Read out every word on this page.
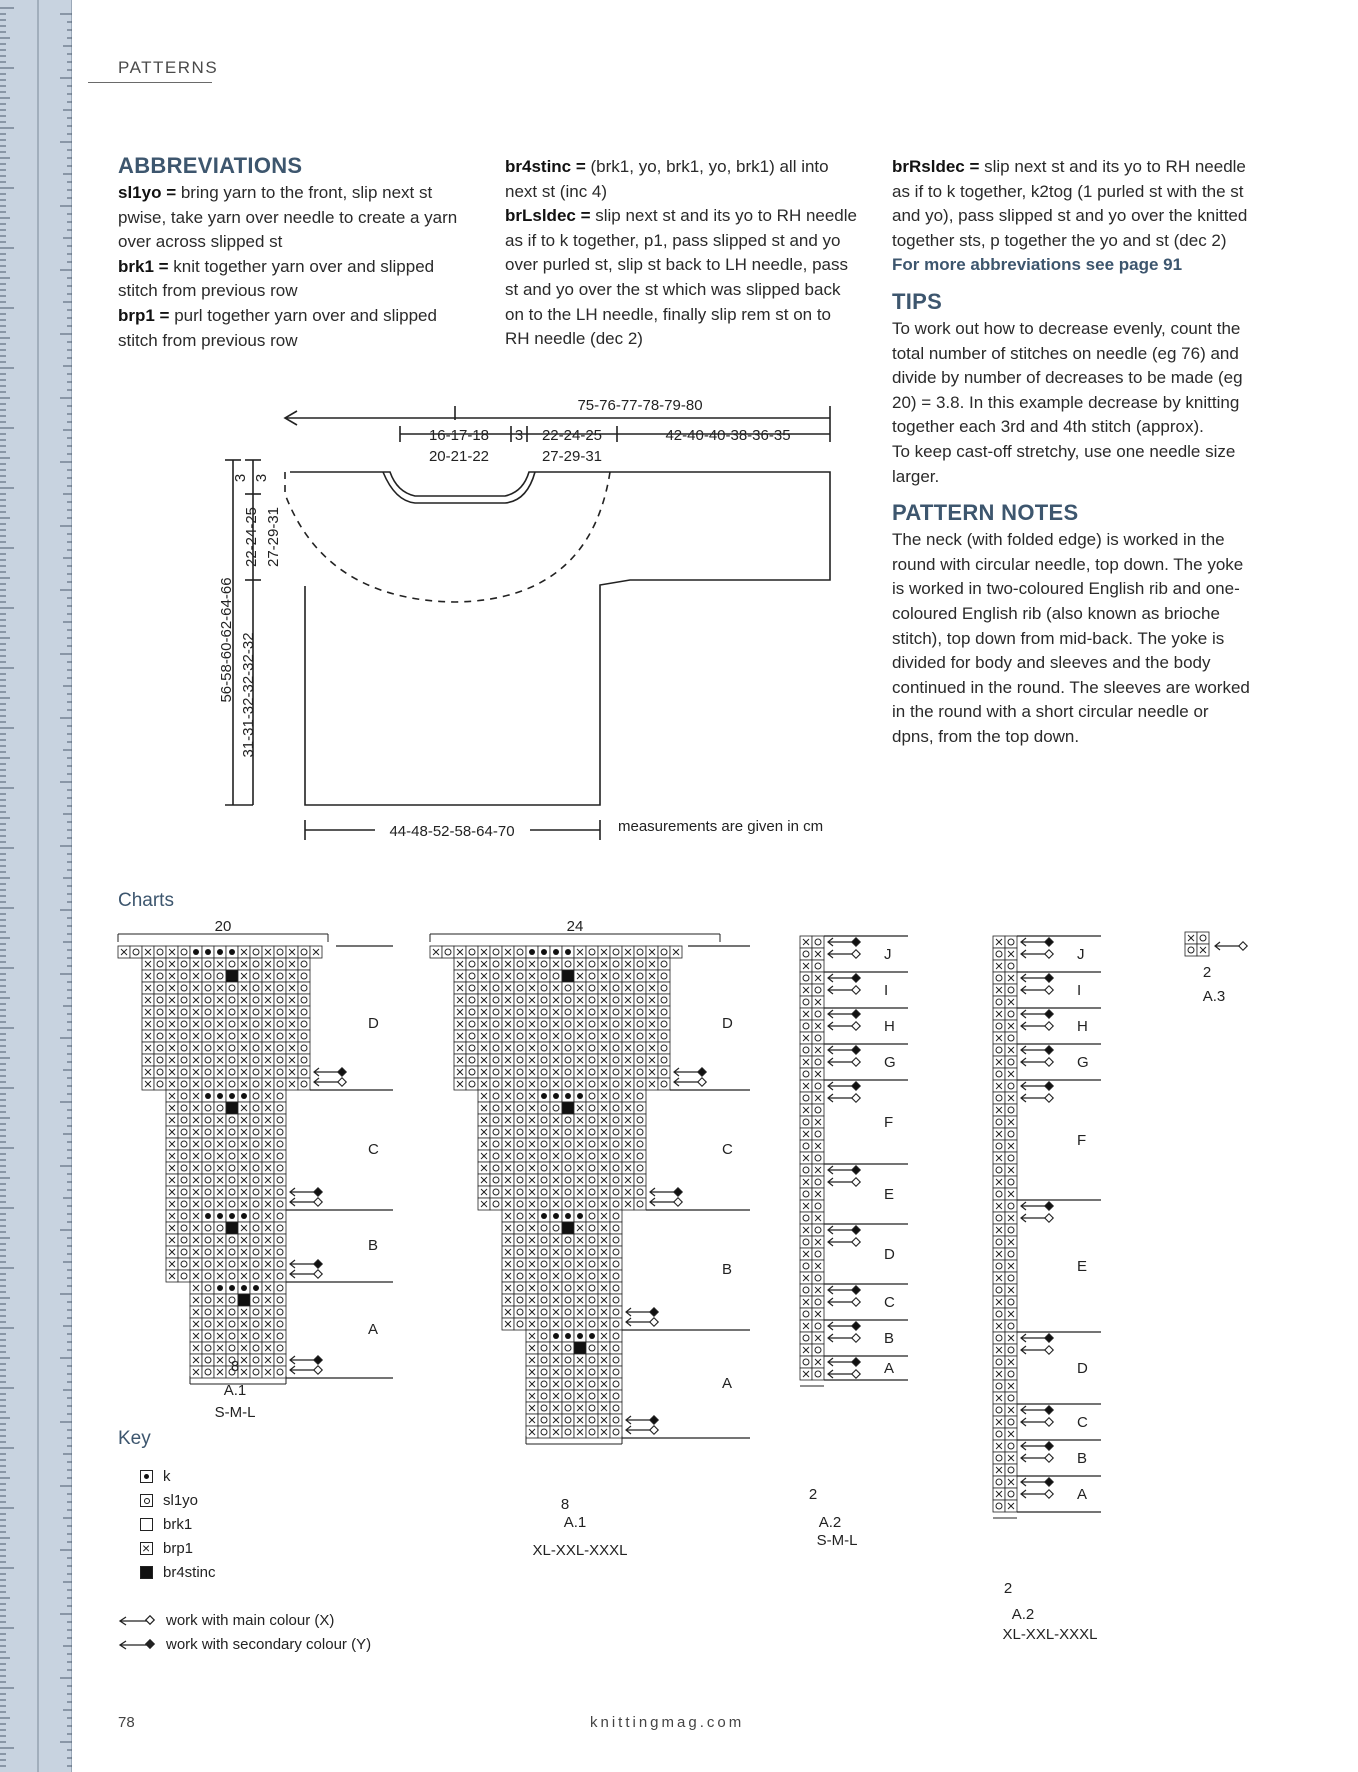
PATTERNS
ABBREVIATIONS
sl1yo = bring yarn to the front, slip next st pwise, take yarn over needle to create a yarn over across slipped st
brk1 = knit together yarn over and slipped stitch from previous row
brp1 = purl together yarn over and slipped stitch from previous row
br4stinc = (brk1, yo, brk1, yo, brk1) all into next st (inc 4)
brLsldec = slip next st and its yo to RH needle as if to k together, p1, pass slipped st and yo over purled st, slip st back to LH needle, pass st and yo over the st which was slipped back on to the LH needle, finally slip rem st on to RH needle (dec 2)
brRsldec = slip next st and its yo to RH needle as if to k together, k2tog (1 purled st with the st and yo), pass slipped st and yo over the knitted together sts, p together the yo and st (dec 2)
For more abbreviations see page 91
TIPS
To work out how to decrease evenly, count the total number of stitches on needle (eg 76) and divide by number of decreases to be made (eg 20) = 3.8. In this example decrease by knitting together each 3rd and 4th stitch (approx).
To keep cast-off stretchy, use one needle size larger.
PATTERN NOTES
The neck (with folded edge) is worked in the round with circular needle, top down. The yoke is worked in two-coloured English rib and one-coloured English rib (also known as brioche stitch), top down from mid-back. The yoke is divided for body and sleeves and the body continued in the round. The sleeves are worked in the round with a short circular needle or dpns, from the top down.
75-76-77-78-79-80
16-17-18
20-21-22
3 22-24-25
27-29-31
42-40-40-38-36-35
3 3
22-24-25 27-29-31
56-58-60-62-64-66 31-31-32-32-32-32
44-48-52-58-64-70	measurements are given in cm
Charts
20
D
C
B
A
8
A.1
S-M-L
24
D
C
B
A
8
A.1
XL-XXL-XXXL
J
I
H
G
F
E
D
C
B
A
2
A.2
S-M-L
J
I
H
G
F
E
D
C
B
A
2
A.2
XL-XXL-XXXL
2
A.3
Key
k
sl1yo
brk1
×
brp1
br4stinc
work with main colour (X)
work with secondary colour (Y)
78	knittingmag.com
